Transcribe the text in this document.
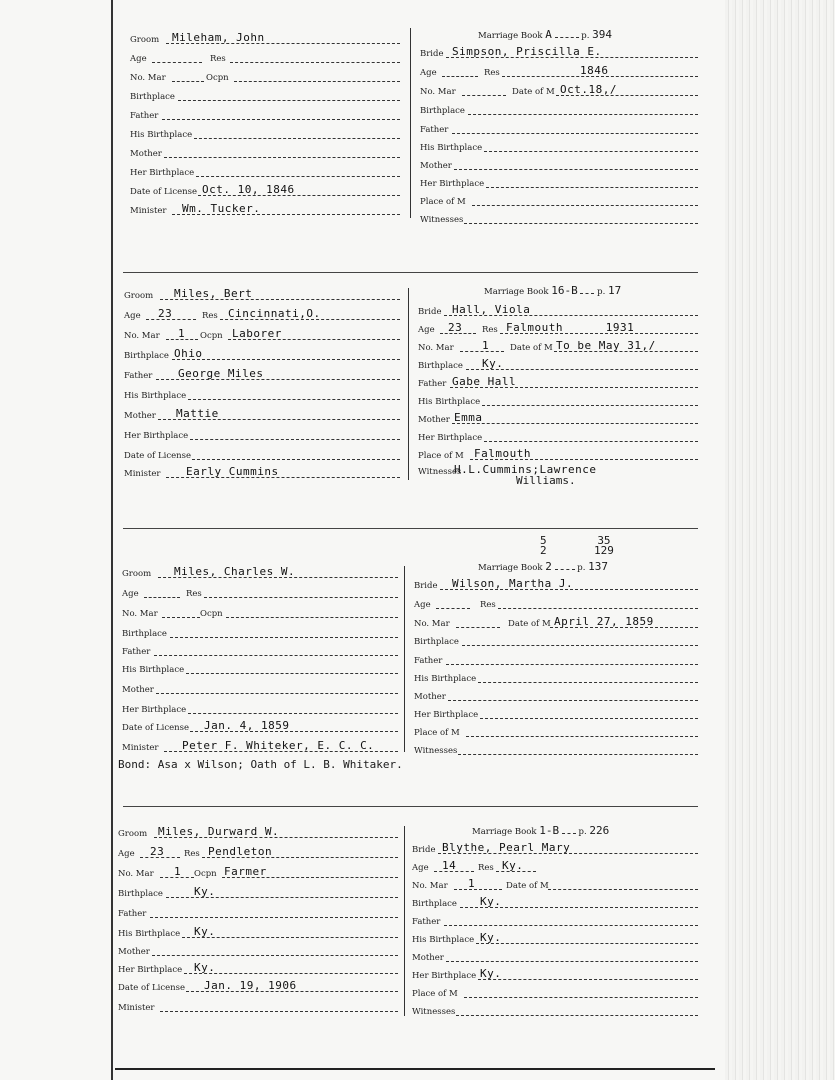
Groom Mileham, John
Age	Res
No. Mar	Ocpn
Birthplace
Father
His Birthplace
Mother
Her Birthplace
Date of License Oct. 10, 1846
Minister Wm. Tucker.
Marriage Book A	p. 394
Bride Simpson, Priscilla E.
Age	Res	1846
No. Mar	Date of M Oct.18,/
Birthplace
Father
His Birthplace
Mother
Her Birthplace
Place of M
Witnesses
Groom Miles, Bert
Age 23	Res Cincinnati,O.
No. Mar 1 Ocpn Laborer
Birthplace Ohio
Father George Miles
His Birthplace
Mother Mattie
Her Birthplace
Date of License
Minister Early Cummins
Marriage Book 16-B p. 17
Bride Hall, Viola
Age 23 Res Falmouth      1931
No. Mar	1 Date of M To be May 31,/
Birthplace Ky.
Father Gabe Hall
His Birthplace
Mother Emma
Her Birthplace
Place of M Falmouth
Witnesses
H.L.Cummins;Lawrence
Williams.
5
2
35
129
Groom Miles, Charles W.
Age	Res
No. Mar	Ocpn
Birthplace
Father
His Birthplace
Mother
Her Birthplace
Date of License Jan. 4, 1859
Minister Peter F. Whiteker, E. C. C.
Marriage Book 2	p. 137
Bride Wilson, Martha J.
Age	Res
No. Mar	Date of M April 27, 1859
Birthplace
Father
His Birthplace
Mother
Her Birthplace
Place of M
Witnesses
Bond: Asa x Wilson; Oath of L. B. Whitaker.
Groom Miles, Durward W.
Age 23 Res Pendleton
No. Mar 1 Ocpn Farmer
Birthplace	Ky.
Father
His Birthplace Ky.
Mother
Her Birthplace Ky.
Date of License Jan. 19, 1906
Minister
Marriage Book 1-B p. 226
Bride Blythe, Pearl Mary
Age 14	Res Ky.
No. Mar 1	Date of M
Birthplace Ky.
Father
His Birthplace Ky.
Mother
Her Birthplace Ky.
Place of M
Witnesses
